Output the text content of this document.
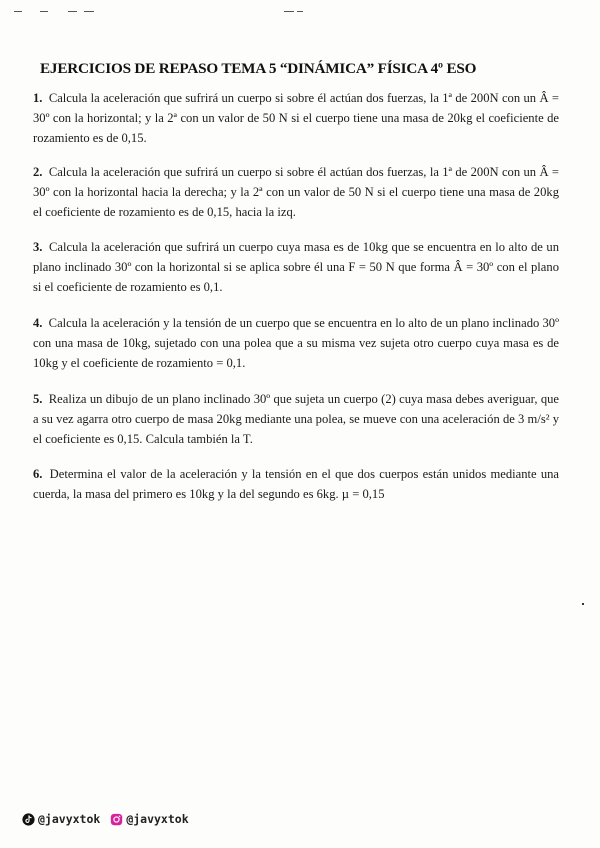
EJERCICIOS DE REPASO TEMA 5 “DINÁMICA” FÍSICA 4º ESO

1. Calcula la aceleración que sufrirá un cuerpo si sobre él actúan dos fuerzas, la 1ª de 200N con un Â = 30º con la horizontal; y la 2ª con un valor de 50 N si el cuerpo tiene una masa de 20kg el coeficiente de rozamiento es de 0,15.

2. Calcula la aceleración que sufrirá un cuerpo si sobre él actúan dos fuerzas, la 1ª de 200N con un Â = 30º con la horizontal hacia la derecha; y la 2ª con un valor de 50 N si el cuerpo tiene una masa de 20kg el coeficiente de rozamiento es de 0,15, hacia la izq.

3. Calcula la aceleración que sufrirá un cuerpo cuya masa es de 10kg que se encuentra en lo alto de un plano inclinado 30º con la horizontal si se aplica sobre él una F = 50 N que forma Â = 30º con el plano si el coeficiente de rozamiento es 0,1.

4. Calcula la aceleración y la tensión de un cuerpo que se encuentra en lo alto de un plano inclinado 30º con una masa de 10kg, sujetado con una polea que a su misma vez sujeta otro cuerpo cuya masa es de 10kg y el coeficiente de rozamiento = 0,1.

5. Realiza un dibujo de un plano inclinado 30º que sujeta un cuerpo (2) cuya masa debes averiguar, que a su vez agarra otro cuerpo de masa 20kg mediante una polea, se mueve con una aceleración de 3 m/s² y el coeficiente es 0,15. Calcula también la T.

6. Determina el valor de la aceleración y la tensión en el que dos cuerpos están unidos mediante una cuerda, la masa del primero es 10kg y la del segundo es 6kg. µ = 0,15

@javyxtok @javyxtok
